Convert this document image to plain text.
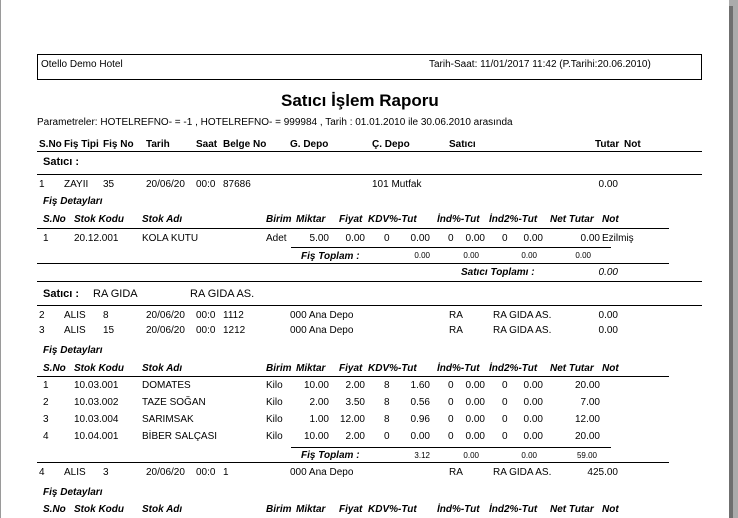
Otello Demo Hotel	Tarih-Saat: 11/01/2017 11:42 (P.Tarihi:20.06.2010)
Satıcı İşlem Raporu
Parametreler: HOTELREFNO- = -1 , HOTELREFNO- = 999984 , Tarih : 01.01.2010 ile 30.06.2010 arasında
S.No Fiş Tipi Fiş No Tarih	Saat Belge No G. Depo	Ç. Depo	Satıcı	Tutar Not
Satıcı :
1 ZAYII 35	20/06/20 00:0 87686	101 Mutfak	0.00
Fiş Detayları
S.No Stok Kodu Stok Adı	Birim Miktar Fiyat KDV%-Tut İnd%-Tut İnd2%-Tut Net Tutar Not
1	20.12.001 KOLA KUTU	Adet	5.00	0.00 0	0.00 0	0.00 0	0.00	0.00 Ezilmiş
Fiş Toplam :	0.00	0.00	0.00	0.00
Satıcı Toplamı :	0.00
Satıcı : RA GIDA	RA GIDA AS.
2 ALIS 8	20/06/20 00:0 1112	000 Ana Depo	RA	RA GIDA AS.	0.00
3 ALIS 15	20/06/20 00:0 1212	000 Ana Depo	RA	RA GIDA AS.	0.00
Fiş Detayları
S.No Stok Kodu Stok Adı	Birim Miktar Fiyat KDV%-Tut İnd%-Tut İnd2%-Tut Net Tutar Not
1	10.03.001 DOMATES	Kilo	10.00	2.00 8	1.60 0	0.00 0	0.00	20.00
2	10.03.002 TAZE SOĞAN	Kilo	2.00	3.50 8	0.56 0	0.00 0	0.00	7.00
3	10.03.004 SARIMSAK	Kilo	1.00	12.00 8	0.96 0	0.00 0	0.00	12.00
4	10.04.001 BİBER SALÇASI	Kilo	10.00	2.00 0	0.00 0	0.00 0	0.00	20.00
Fiş Toplam :	3.12	0.00	0.00	59.00
4 ALIS 3	20/06/20 00:0 1	000 Ana Depo	RA	RA GIDA AS.	425.00
Fiş Detayları
S.No Stok Kodu Stok Adı	Birim Miktar Fiyat KDV%-Tut İnd%-Tut İnd2%-Tut Net Tutar Not
